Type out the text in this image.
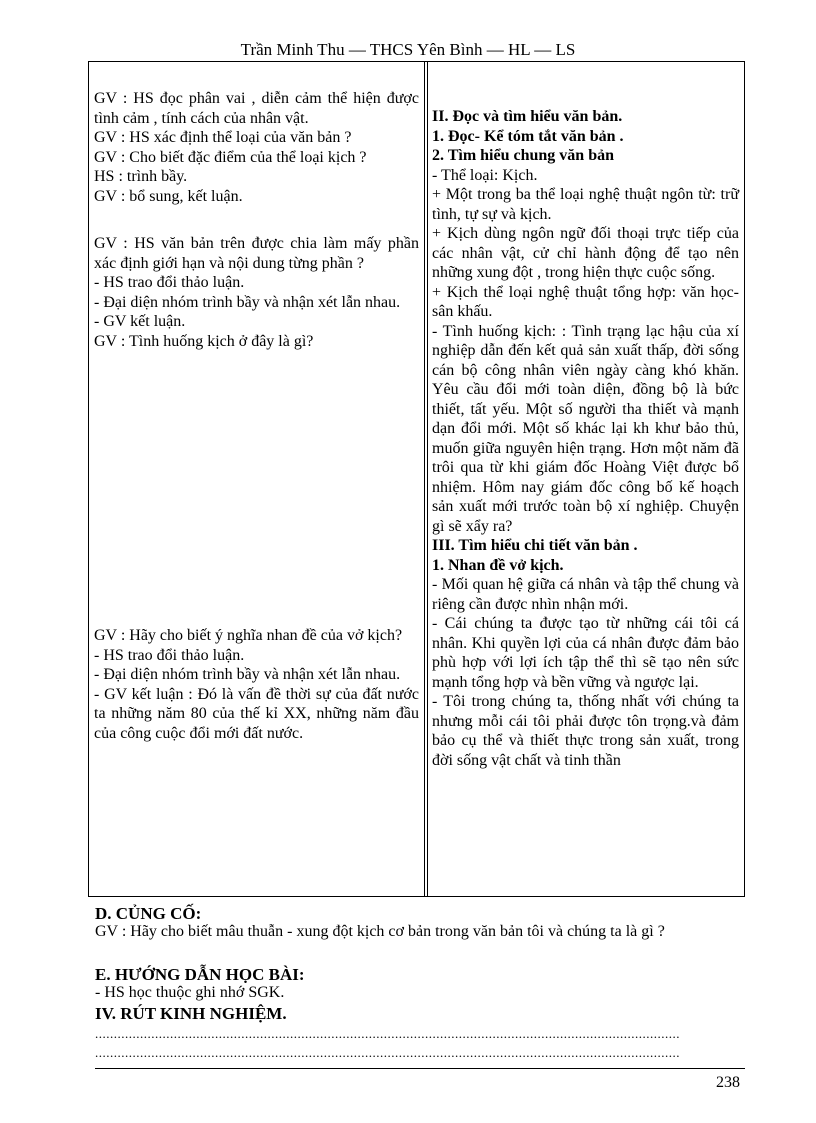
Trần Minh Thu — THCS Yên Bình — HL — LS

GV : HS đọc phân vai , diễn cảm thể hiện được tình cảm , tính cách của nhân vật.

GV : HS xác định thể loại của văn bản ?

GV : Cho biết đặc điểm của thể loại kịch ?

HS : trình bầy.

GV : bổ sung, kết luận.

GV : HS văn bản trên được chia làm mấy phần xác định giới hạn và nội dung từng phần ?

- HS trao đổi thảo luận.

- Đại diện nhóm trình bầy và nhận xét lẫn nhau.

- GV kết luận.

GV : Tình huống kịch ở đây là gì?

GV : Hãy cho biết ý nghĩa nhan đề của vở kịch?

- HS trao đổi thảo luận.

- Đại diện nhóm trình bầy và nhận xét lẫn nhau.

- GV kết luận : Đó là vấn đề thời sự của đất nước ta những năm 80 của thế kỉ XX, những năm đầu của công cuộc đổi mới đất nước.

II. Đọc và tìm hiểu văn bản.

1. Đọc- Kể tóm tắt văn bản .

2. Tìm hiểu chung văn bản

- Thể loại: Kịch.

+ Một trong ba thể loại nghệ thuật ngôn từ: trữ tình, tự sự và kịch.

+ Kịch dùng ngôn ngữ đối thoại trực tiếp của các nhân vật, cử chỉ hành động để tạo nên những xung đột , trong hiện thực cuộc sống.

+ Kịch thể loại nghệ thuật tổng hợp: văn học- sân khấu.

- Tình huống kịch: : Tình trạng lạc hậu của xí nghiệp dẫn đến kết quả sản xuất thấp, đời sống cán bộ công nhân viên ngày càng khó khăn. Yêu cầu đổi mới toàn diện, đồng bộ là bức thiết, tất yếu. Một số người tha thiết và mạnh dạn đổi mới. Một số khác lại kh khư bảo thủ, muốn giữa nguyên hiện trạng. Hơn một năm đã trôi qua từ khi giám đốc Hoàng Việt được bổ nhiệm. Hôm nay giám đốc công bố kế hoạch sản xuất mới trước toàn bộ xí nghiệp. Chuyện gì sẽ xẩy ra?

III. Tìm hiểu chi tiết văn bản .

1. Nhan đề vở kịch.

- Mối quan hệ giữa cá nhân và tập thể chung và riêng cần được nhìn nhận mới.

- Cái chúng ta được tạo từ những cái tôi cá nhân. Khi quyền lợi của cá nhân được đảm bảo phù hợp với lợi ích tập thể thì sẽ tạo nên sức mạnh tổng hợp và bền vững và ngược lại.

- Tôi trong chúng ta, thống nhất với chúng ta nhưng mỗi cái tôi phải được tôn trọng.và đảm bảo cụ thể và thiết thực trong sản xuất, trong đời sống vật chất và tinh thần

D. CỦNG CỐ:
GV : Hãy cho biết mâu thuẫn - xung đột kịch cơ bản trong văn bản tôi và chúng ta là gì ?
E. HƯỚNG DẪN HỌC BÀI:
- HS học thuộc ghi nhớ SGK.
IV. RÚT KINH NGHIỆM.
............................................................................................................................................................
............................................................................................................................................................
238
